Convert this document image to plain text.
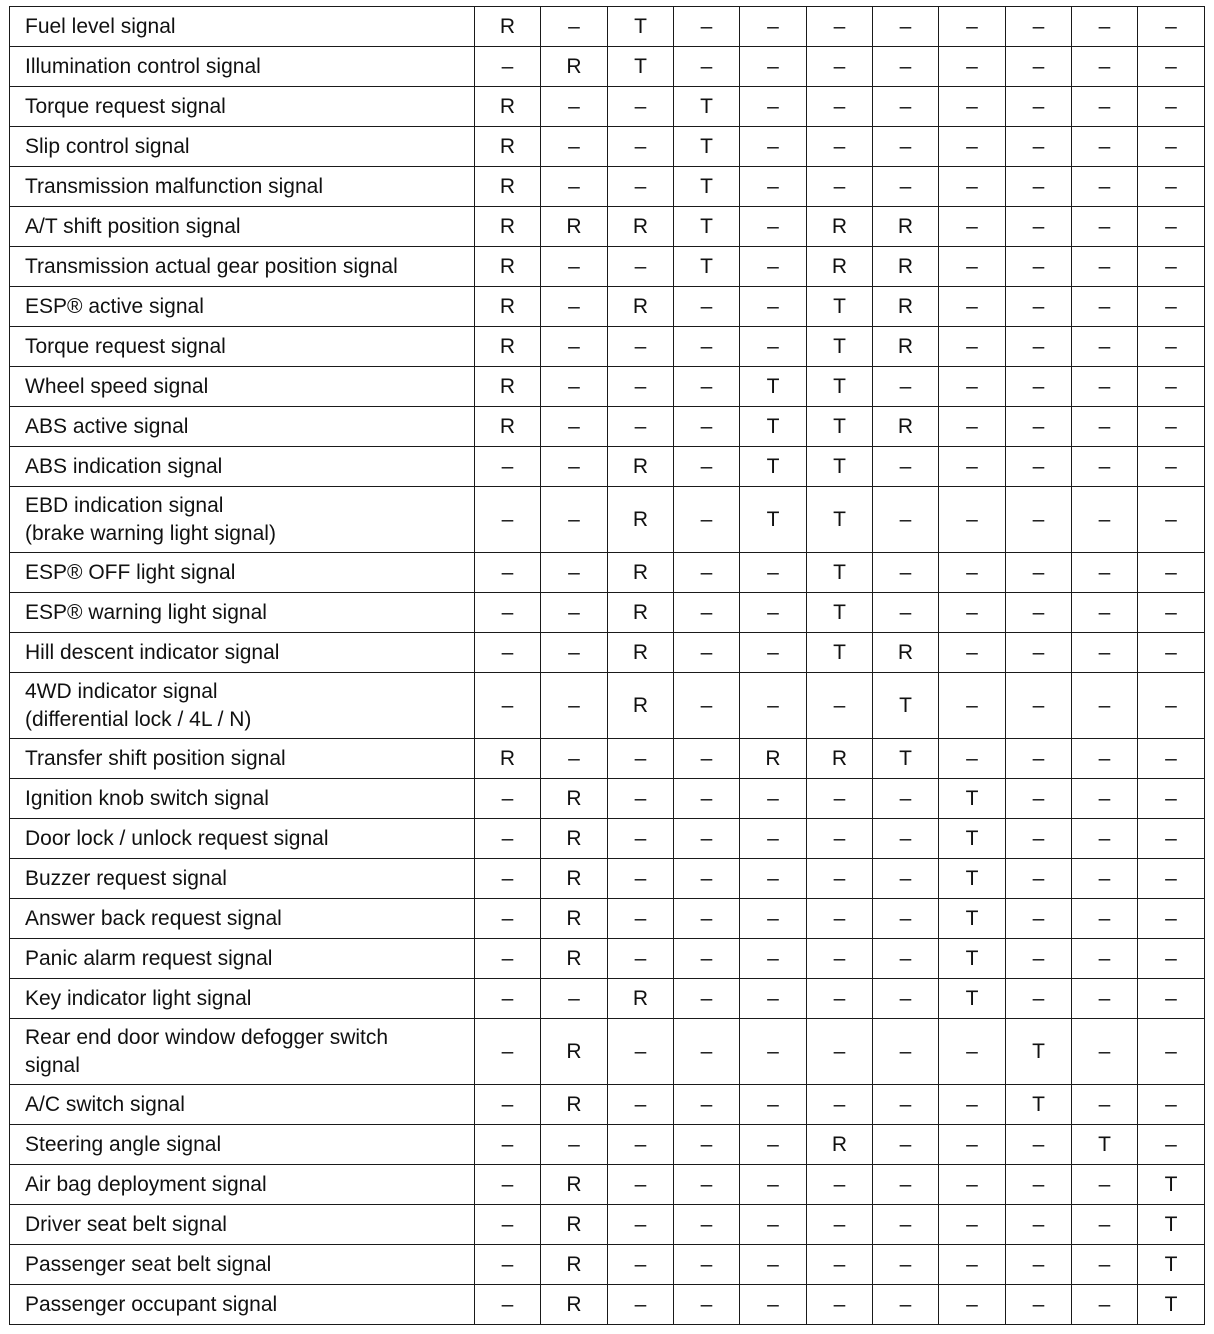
Fuel level signal	R	–	T	–	–	–	–	–	–	–	–

Illumination control signal	–	R	T	–	–	–	–	–	–	–	–

Torque request signal	R	–	–	T	–	–	–	–	–	–	–

Slip control signal	R	–	–	T	–	–	–	–	–	–	–

Transmission malfunction signal	R	–	–	T	–	–	–	–	–	–	–

A/T shift position signal	R	R	R	T	–	R	R	–	–	–	–

Transmission actual gear position signal	R	–	–	T	–	R	R	–	–	–	–

ESP® active signal	R	–	R	–	–	T	R	–	–	–	–

Torque request signal	R	–	–	–	–	T	R	–	–	–	–

Wheel speed signal	R	–	–	–	T	T	–	–	–	–	–

ABS active signal	R	–	–	–	T	T	R	–	–	–	–

ABS indication signal	–	–	R	–	T	T	–	–	–	–	–

EBD indication signal
(brake warning light signal)	–	–	R	–	T	T	–	–	–	–	–

ESP® OFF light signal	–	–	R	–	–	T	–	–	–	–	–

ESP® warning light signal	–	–	R	–	–	T	–	–	–	–	–

Hill descent indicator signal	–	–	R	–	–	T	R	–	–	–	–

4WD indicator signal
(differential lock / 4L / N)	–	–	R	–	–	–	T	–	–	–	–

Transfer shift position signal	R	–	–	–	R	R	T	–	–	–	–

Ignition knob switch signal	–	R	–	–	–	–	–	T	–	–	–

Door lock / unlock request signal	–	R	–	–	–	–	–	T	–	–	–

Buzzer request signal	–	R	–	–	–	–	–	T	–	–	–

Answer back request signal	–	R	–	–	–	–	–	T	–	–	–

Panic alarm request signal	–	R	–	–	–	–	–	T	–	–	–

Key indicator light signal	–	–	R	–	–	–	–	T	–	–	–

Rear end door window defogger switch
signal	–	R	–	–	–	–	–	–	T	–	–

A/C switch signal	–	R	–	–	–	–	–	–	T	–	–

Steering angle signal	–	–	–	–	–	R	–	–	–	T	–

Air bag deployment signal	–	R	–	–	–	–	–	–	–	–	T

Driver seat belt signal	–	R	–	–	–	–	–	–	–	–	T

Passenger seat belt signal	–	R	–	–	–	–	–	–	–	–	T

Passenger occupant signal	–	R	–	–	–	–	–	–	–	–	T
